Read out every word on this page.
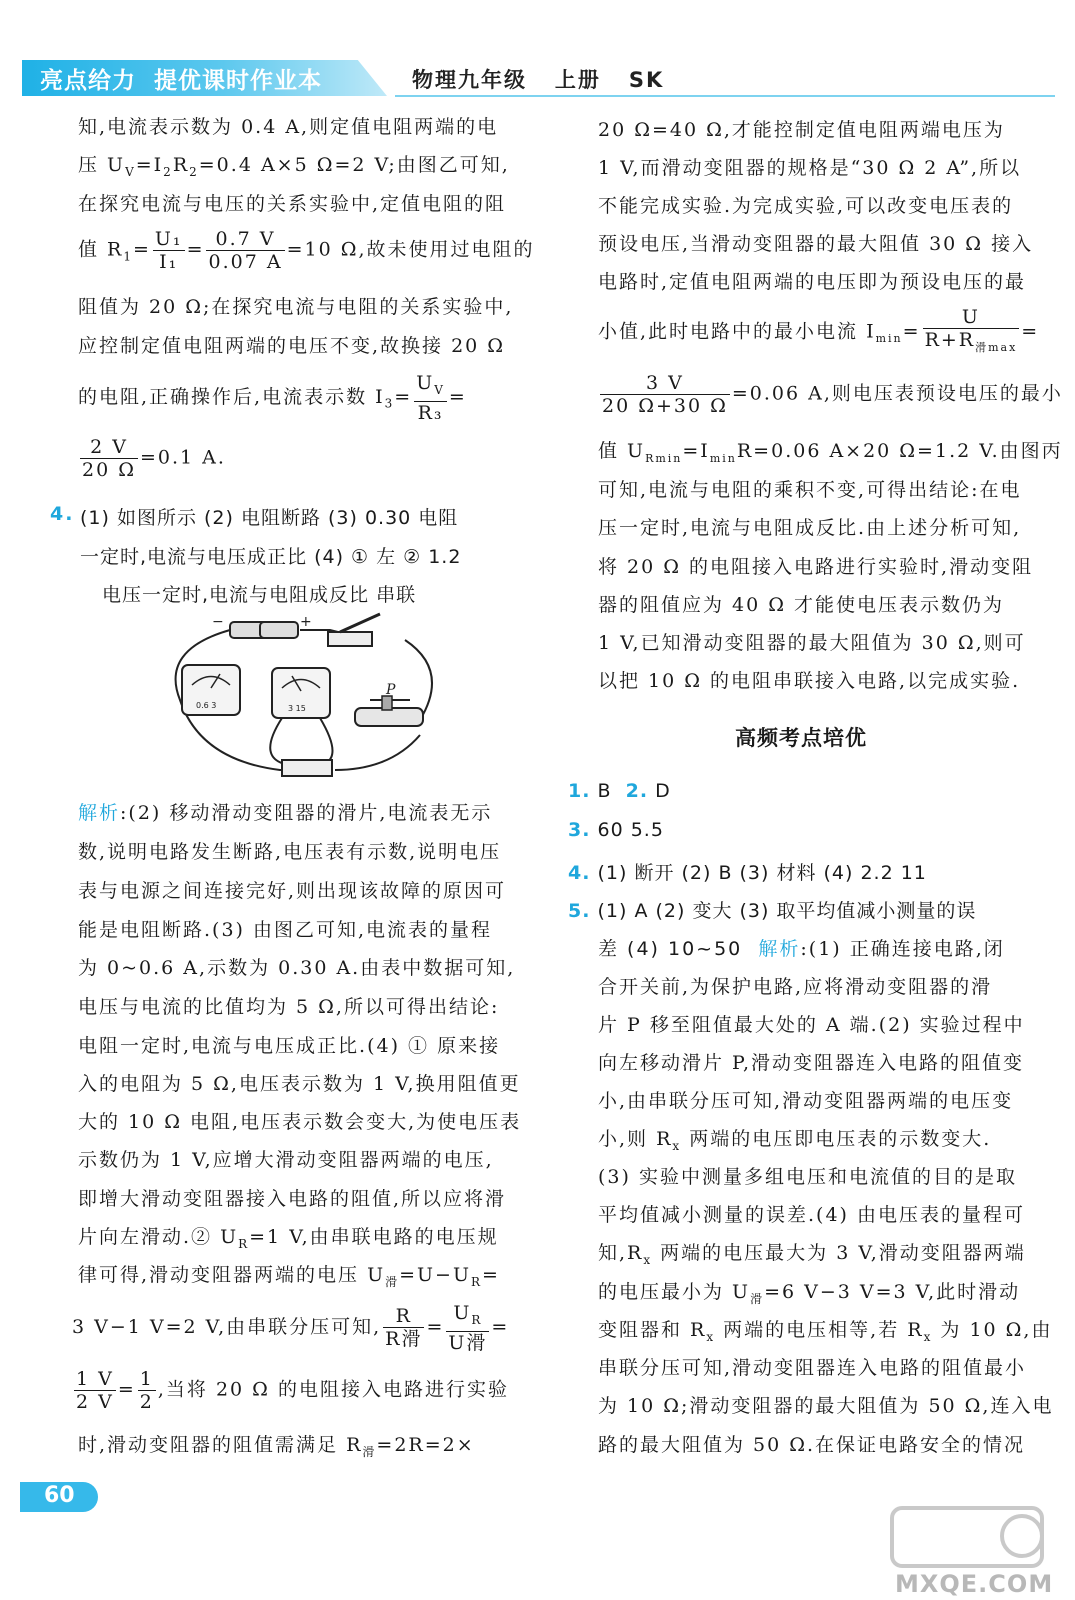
亮点给力 提优课时作业本	物理九年级   上册   SK
知,电流表示数为 0.4 A,则定值电阻两端的电
压 $U_V=I_2R_2=0.4$ A×5 Ω=2 V;由图乙可知,
在探究电流与电压的关系实验中,定值电阻的阻
值 $R_1= \frac{\text{U₁}}{\text{I₁}} = \frac{0.7 V}{0.07 A} =10$ Ω,故未使用过电阻的
阻值为 20 Ω;在探究电流与电阻的关系实验中,
应控制定值电阻两端的电压不变,故换接 20 Ω
的电阻,正确操作后,电流表示数 $I_3= \frac{U_V}{\text{R₃}}$ =
$\frac{2 V}{20 \Omega} =0.1$ A.
4. (1) 如图所示 (2) 电阻断路 (3) 0.30 电阻
一定时,电流与电压成正比 (4) ① 左 ② 1.2
电压一定时,电流与电阻成反比 串联
−	+
0.6 3	3 15
P
解析:(2) 移动滑动变阻器的滑片,电流表无示
数,说明电路发生断路,电压表有示数,说明电压
表与电源之间连接完好,则出现该故障的原因可
能是电阻断路.(3) 由图乙可知,电流表的量程
为 0~0.6 A,示数为 0.30 A.由表中数据可知,
电压与电流的比值均为 5 Ω,所以可得出结论:
电阻一定时,电流与电压成正比.(4) ① 原来接
入的电阻为 5 Ω,电压表示数为 1 V,换用阻值更
大的 10 Ω 电阻,电压表示数会变大,为使电压表
示数仍为 1 V,应增大滑动变阻器两端的电压,
即增大滑动变阻器接入电路的阻值,所以应将滑
片向左滑动.② $U_R=1$ V,由串联电路的电压规
律可得,滑动变阻器两端的电压 $U_滑=U-U_R=$
3 V−1 V=2 V,由串联分压可知, $\frac{R}{\text{R滑}} = \frac{U_R}{\text{U滑}}$ =
$\frac{1 V}{2 V} = \frac{1}{2}$ ,当将 20 Ω 的电阻接入电路进行实验
时,滑动变阻器的阻值需满足 $R_滑=2R=2\times$
20 Ω=40 Ω,才能控制定值电阻两端电压为
1 V,而滑动变阻器的规格是“30 Ω 2 A”,所以
不能完成实验.为完成实验,可以改变电压表的
预设电压,当滑动变阻器的最大阻值 30 Ω 接入
电路时,定值电阻两端的电压即为预设电压的最
小值,此时电路中的最小电流 $I_{min}= \frac{U}{R+R_{滑max}}$ =
$\frac{3 V}{20 \Omega+30 \Omega} =0.06$ A,则电压表预设电压的最小
值 $U_{Rmin}=I_{min}R=0.06$ A×20 Ω=1.2 V.由图丙
可知,电流与电阻的乘积不变,可得出结论:在电
压一定时,电流与电阻成反比.由上述分析可知,
将 20 Ω 的电阻接入电路进行实验时,滑动变阻
器的阻值应为 40 Ω 才能使电压表示数仍为
1 V,已知滑动变阻器的最大阻值为 30 Ω,则可
以把 10 Ω 的电阻串联接入电路,以完成实验.
高频考点培优
1. B 2. D
3. 60 5.5
4. (1) 断开 (2) B (3) 材料 (4) 2.2 11
5. (1) A (2) 变大 (3) 取平均值减小测量的误
差 (4) 10~50 解析:(1) 正确连接电路,闭
合开关前,为保护电路,应将滑动变阻器的滑
片 P 移至阻值最大处的 A 端.(2) 实验过程中
向左移动滑片 P,滑动变阻器连入电路的阻值变
小,由串联分压可知,滑动变阻器两端的电压变
小,则 $R_x$ 两端的电压即电压表的示数变大.
(3) 实验中测量多组电压和电流值的目的是取
平均值减小测量的误差.(4) 由电压表的量程可
知$,R_x$ 两端的电压最大为 3 V,滑动变阻器两端
的电压最小为 $U_滑=6$ V−3 V=3 V,此时滑动
变阻器和 $R_x$ 两端的电压相等,若 $R_x$ 为 10 Ω,由
串联分压可知,滑动变阻器连入电路的阻值最小
为 10 Ω;滑动变阻器的最大阻值为 50 Ω,连入电
路的最大阻值为 50 Ω.在保证电路安全的情况
60
MXQE.COM
